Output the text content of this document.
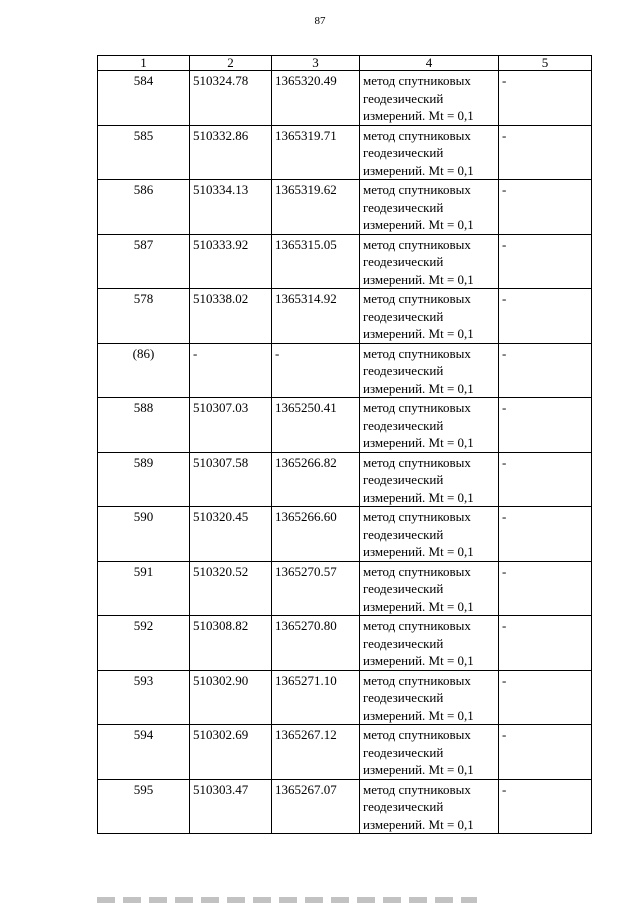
87
1	2	3	4	5
584	510324.78	1365320.49	метод спутниковых
геодезический
измерений. Mt = 0,1	-
585	510332.86	1365319.71	метод спутниковых
геодезический
измерений. Mt = 0,1	-
586	510334.13	1365319.62	метод спутниковых
геодезический
измерений. Mt = 0,1	-
587	510333.92	1365315.05	метод спутниковых
геодезический
измерений. Mt = 0,1	-
578	510338.02	1365314.92	метод спутниковых
геодезический
измерений. Mt = 0,1	-
(86)	-	-	метод спутниковых
геодезический
измерений. Mt = 0,1	-
588	510307.03	1365250.41	метод спутниковых
геодезический
измерений. Mt = 0,1	-
589	510307.58	1365266.82	метод спутниковых
геодезический
измерений. Mt = 0,1	-
590	510320.45	1365266.60	метод спутниковых
геодезический
измерений. Mt = 0,1	-
591	510320.52	1365270.57	метод спутниковых
геодезический
измерений. Mt = 0,1	-
592	510308.82	1365270.80	метод спутниковых
геодезический
измерений. Mt = 0,1	-
593	510302.90	1365271.10	метод спутниковых
геодезический
измерений. Mt = 0,1	-
594	510302.69	1365267.12	метод спутниковых
геодезический
измерений. Mt = 0,1	-
595	510303.47	1365267.07	метод спутниковых
геодезический
измерений. Mt = 0,1	-
